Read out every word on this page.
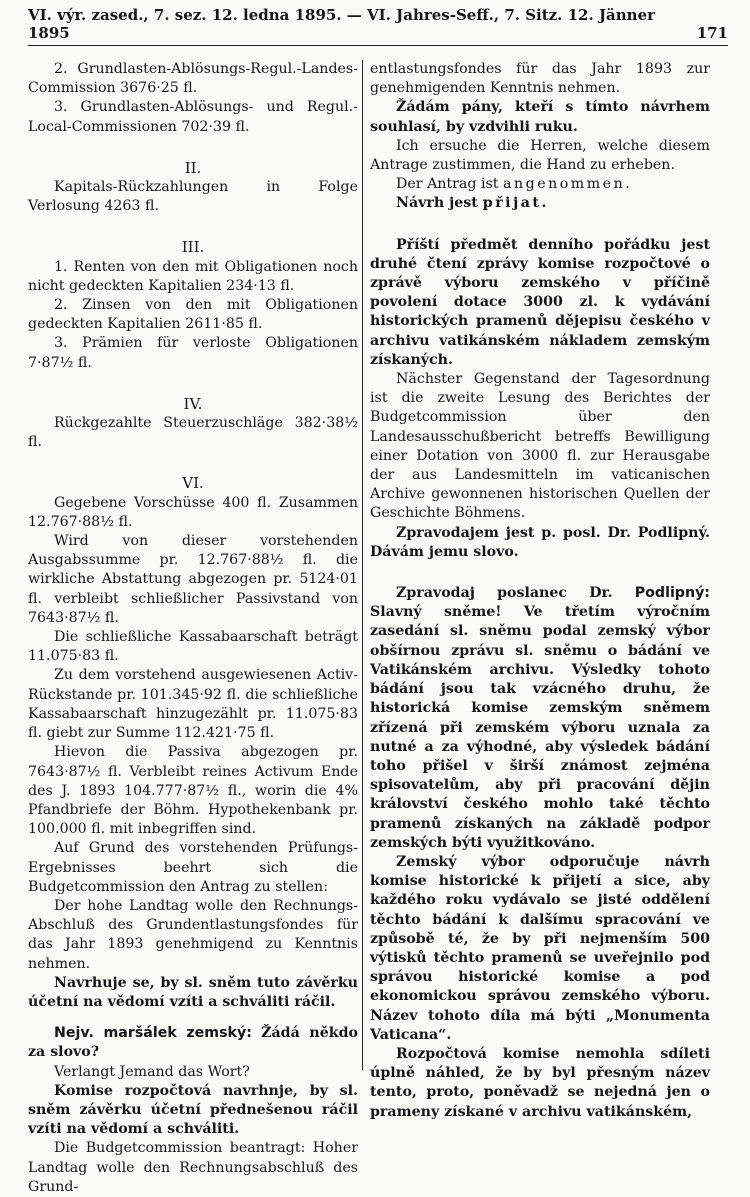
VI. výr. zased., 7. sez. 12. ledna 1895. — VI. Jahres-Seff., 7. Sitz. 12. Jänner 1895	171

2. Grundlasten-Ablösungs-Regul.-Landes-Commission 3676·25 fl.

3. Grundlasten-Ablösungs- und Regul.-Local-Commissionen 702·39 fl.

II.

Kapitals-Rückzahlungen in Folge Verlosung 4263 fl.

III.

1. Renten von den mit Obligationen noch nicht gedeckten Kapitalien 234·13 fl.

2. Zinsen von den mit Obligationen gedeckten Kapitalien 2611·85 fl.

3. Prämien für verloste Obligationen 7·87½ fl.

IV.

Rückgezahlte Steuerzuschläge 382·38½ fl.

VI.

Gegebene Vorschüsse 400 fl. Zusammen 12.767·88½ fl.

Wird von dieser vorstehenden Ausgabssumme pr. 12.767·88½ fl. die wirkliche Abstattung abgezogen pr. 5124·01 fl. verbleibt schließlicher Passivstand von 7643·87½ fl.

Die schließliche Kassabaarschaft beträgt 11.075·83 fl.

Zu dem vorstehend ausgewiesenen Activ-Rückstande pr. 101.345·92 fl. die schließliche Kassabaarschaft hinzugezählt pr. 11.075·83 fl. giebt zur Summe 112.421·75 fl.

Hievon die Passiva abgezogen pr. 7643·87½ fl. Verbleibt reines Activum Ende des J. 1893 104.777·87½ fl., worin die 4% Pfandbriefe der Böhm. Hypothekenbank pr. 100.000 fl. mit inbegriffen sind.

Auf Grund des vorstehenden Prüfungs-Ergebnisses beehrt sich die Budgetcommission den Antrag zu stellen:

Der hohe Landtag wolle den Rechnungs-Abschluß des Grundentlastungsfondes für das Jahr 1893 genehmigend zu Kenntnis nehmen.

Navrhuje se, by sl. sněm tuto závěrku účetní na vědomí vzíti a schváliti ráčil.

Nejv. maršálek zemský: Žádá někdo za slovo?

Verlangt Jemand das Wort?

Komise rozpočtová navrhnje, by sl. sněm závěrku účetní přednešenou ráčil vzíti na vědomí a schváliti.

Die Budgetcommission beantragt: Hoher Landtag wolle den Rechnungsabschluß des Grund-

entlastungsfondes für das Jahr 1893 zur genehmigenden Kenntnis nehmen.

Žádám pány, kteří s tímto návrhem souhlasí, by vzdvihli ruku.

Ich ersuche die Herren, welche diesem Antrage zustimmen, die Hand zu erheben.

Der Antrag ist angenommen.

Návrh jest přijat.

Příští předmět denního pořádku jest druhé čtení zprávy komise rozpočtové o zprávě výboru zemského v příčině povolení dotace 3000 zl. k vydávání historických pramenů dějepisu českého v archivu vatikánském nákladem zemským získaných.

Nächster Gegenstand der Tagesordnung ist die zweite Lesung des Berichtes der Budgetcommission über den Landesausschußbericht betreffs Bewilligung einer Dotation von 3000 fl. zur Herausgabe der aus Landesmitteln im vaticanischen Archive gewonnenen historischen Quellen der Geschichte Böhmens.

Zpravodajem jest p. posl. Dr. Podlipný. Dávám jemu slovo.

Zpravodaj poslanec Dr. Podlipný: Slavný sněme! Ve třetím výročním zasedání sl. sněmu podal zemský výbor obšírnou zprávu sl. sněmu o bádání ve Vatikánském archivu. Výsledky tohoto bádání jsou tak vzácného druhu, že historická komise zemským sněmem zřízená při zemském výboru uznala za nutné a za výhodné, aby výsledek bádání toho přišel v širší známost zejména spisovatelům, aby při pracování dějin království českého mohlo také těchto pramenů získaných na základě podpor zemských býti využitkováno.

Zemský výbor odporučuje návrh komise historické k přijetí a sice, aby každého roku vydávalo se jisté oddělení těchto bádání k dalšímu spracování ve způsobě té, že by při nejmenším 500 výtisků těchto pramenů se uveřejnilo pod správou historické komise a pod ekonomickou správou zemského výboru. Název tohoto díla má býti „Monumenta Vaticana“.

Rozpočtová komise nemohla sdíleti úplně náhled, že by byl přesným název tento, proto, poněvadž se nejedná jen o prameny získané v archivu vatikánském,
